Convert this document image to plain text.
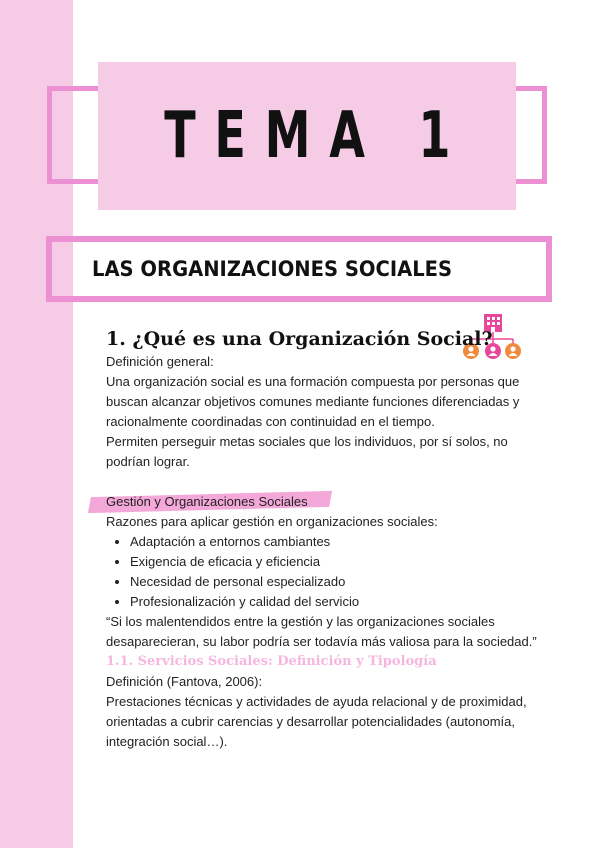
TEMA 1
LAS ORGANIZACIONES SOCIALES

1. ¿Qué es una Organización Social?

Definición general:

Una organización social es una formación compuesta por personas que buscan alcanzar objetivos comunes mediante funciones diferenciadas y racionalmente coordinadas con continuidad en el tiempo.

Permiten perseguir metas sociales que los individuos, por sí solos, no podrían lograr.

Gestión y Organizaciones Sociales

Razones para aplicar gestión en organizaciones sociales:

• Adaptación a entornos cambiantes
• Exigencia de eficacia y eficiencia
• Necesidad de personal especializado
• Profesionalización y calidad del servicio

“Si los malentendidos entre la gestión y las organizaciones sociales desaparecieran, su labor podría ser todavía más valiosa para la sociedad.”

1.1. Servicios Sociales: Definición y Tipología

Definición (Fantova, 2006):

Prestaciones técnicas y actividades de ayuda relacional y de proximidad, orientadas a cubrir carencias y desarrollar potencialidades (autonomía, integración social…).
